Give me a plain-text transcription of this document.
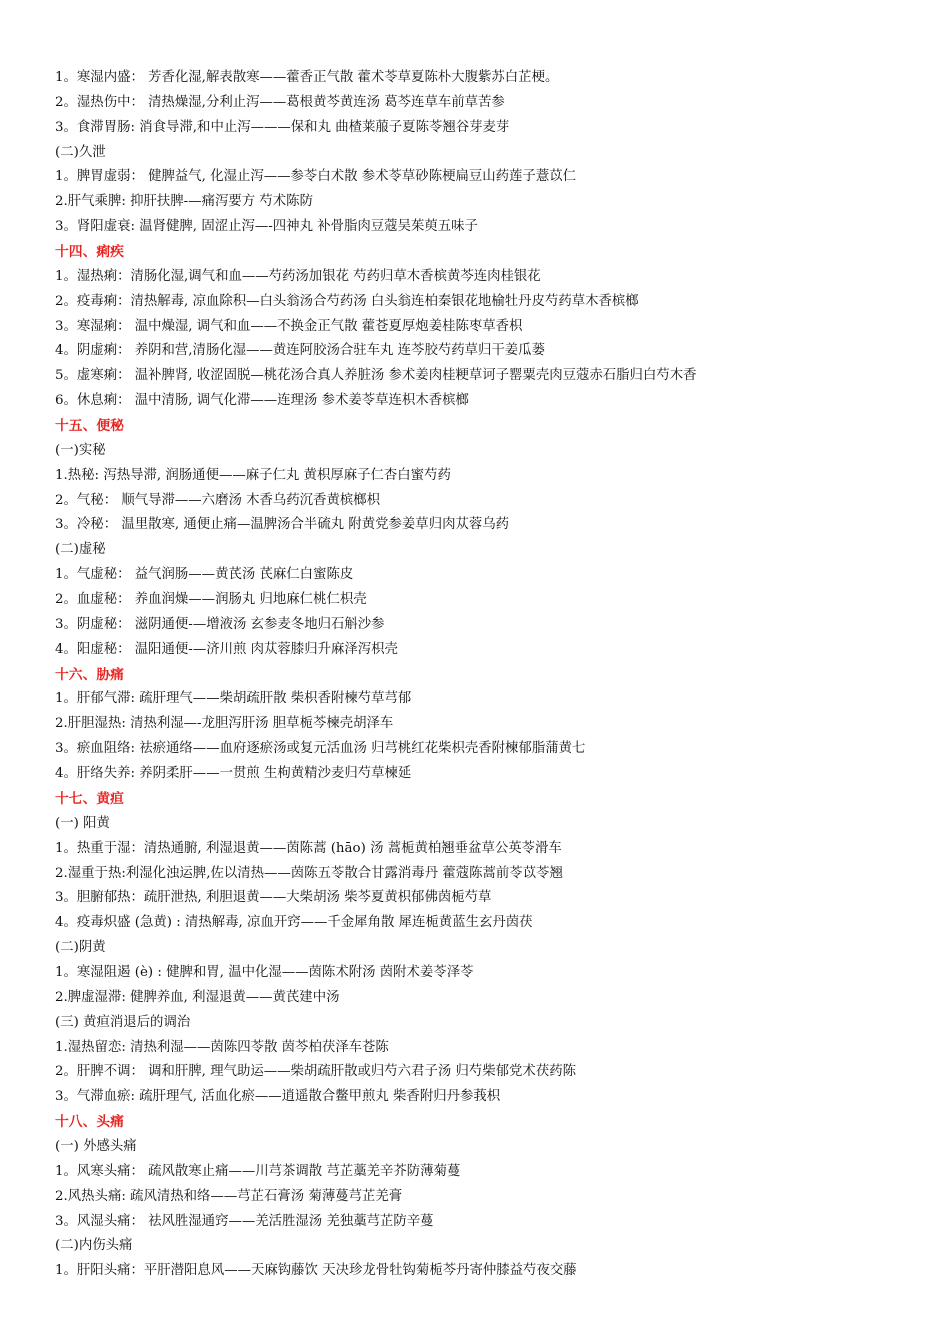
1。寒湿内盛： 芳香化湿,解表散寒——藿香正气散 藿术苓草夏陈朴大腹紫苏白芷梗。
2。湿热伤中： 清热燥湿,分利止泻——葛根黄芩黄连汤 葛芩连草车前草苦参
3。食滞胃肠: 消食导滞,和中止泻———保和丸 曲楂莱菔子夏陈苓翘谷芽麦芽
(二)久泄
1。脾胃虚弱： 健脾益气, 化湿止泻——参苓白术散 参术苓草砂陈梗扁豆山药莲子薏苡仁
2.肝气乘脾: 抑肝扶脾-—痛泻要方 芍术陈防
3。肾阳虚衰: 温肾健脾, 固涩止泻—-四神丸 补骨脂肉豆蔻吴茱萸五味子
十四、痢疾
1。湿热痢：清肠化湿,调气和血——芍药汤加银花 芍药归草木香槟黄芩连肉桂银花
2。疫毒痢：清热解毒, 凉血除积—白头翁汤合芍药汤 白头翁连柏秦银花地榆牡丹皮芍药草木香槟榔
3。寒湿痢： 温中燥湿, 调气和血——不换金正气散 藿苍夏厚炮姜桂陈枣草香枳
4。阴虚痢： 养阴和营,清肠化湿——黄连阿胶汤合驻车丸 连芩胶芍药草归干姜瓜蒌
5。虚寒痢： 温补脾肾, 收涩固脱—桃花汤合真人养脏汤 参术姜肉桂粳草诃子罂粟壳肉豆蔻赤石脂归白芍木香
6。休息痢： 温中清肠, 调气化滞——连理汤 参术姜苓草连枳木香槟榔
十五、便秘
(一)实秘
1.热秘: 泻热导滞, 润肠通便——麻子仁丸 黄枳厚麻子仁杏白蜜芍药
2。气秘： 顺气导滞——六磨汤 木香乌药沉香黄槟榔枳
3。冷秘： 温里散寒, 通便止痛—温脾汤合半硫丸 附黄党参姜草归肉苁蓉乌药
(二)虚秘
1。气虚秘： 益气润肠——黄芪汤 芪麻仁白蜜陈皮
2。血虚秘： 养血润燥——润肠丸 归地麻仁桃仁枳壳
3。阴虚秘： 滋阴通便-—增液汤 玄参麦冬地归石斛沙参
4。阳虚秘： 温阳通便-—济川煎 肉苁蓉膝归升麻泽泻枳壳
十六、胁痛
1。肝郁气滞: 疏肝理气——柴胡疏肝散 柴枳香附楝芍草芎郁
2.肝胆湿热: 清热利湿—-龙胆泻肝汤 胆草栀芩楝壳胡泽车
3。瘀血阻络: 祛瘀通络——血府逐瘀汤或复元活血汤 归芎桃红花柴枳壳香附楝郁脂蒲黄七
4。肝络失养: 养阴柔肝——一贯煎 生枸黄精沙麦归芍草楝延
十七、黄疸
(一) 阳黄
1。热重于湿：清热通腑, 利湿退黄——茵陈蒿 (hāo) 汤 蒿栀黄柏翘垂盆草公英苓滑车
2.湿重于热:利湿化浊运脾,佐以清热——茵陈五苓散合甘露消毒丹 藿蔻陈蒿前苓苡苓翘
3。胆腑郁热：疏肝泄热, 利胆退黄——大柴胡汤 柴芩夏黄枳郁佛茵栀芍草
4。疫毒炽盛 (急黄) : 清热解毒, 凉血开窍——千金犀角散 犀连栀黄蓝生玄丹茵茯
(二)阴黄
1。寒湿阻遏 (è) : 健脾和胃, 温中化湿——茵陈术附汤 茵附术姜苓泽苓
2.脾虚湿滞: 健脾养血, 利湿退黄——黄芪建中汤
(三) 黄疸消退后的调治
1.湿热留恋: 清热利湿——茵陈四苓散 茵芩柏茯泽车苍陈
2。肝脾不调： 调和肝脾, 理气助运——柴胡疏肝散或归芍六君子汤 归芍柴郁党术茯药陈
3。气滞血瘀: 疏肝理气, 活血化瘀——逍遥散合鳖甲煎丸 柴香附归丹参莪枳
十八、头痛
(一) 外感头痛
1。风寒头痛： 疏风散寒止痛——川芎茶调散 芎芷藁羌辛芥防薄菊蔓
2.风热头痛: 疏风清热和络——芎芷石膏汤 菊薄蔓芎芷羌膏
3。风湿头痛： 祛风胜湿通窍——羌活胜湿汤 羌独藁芎芷防辛蔓
(二)内伤头痛
1。肝阳头痛：平肝潜阳息风——天麻钩藤饮 天决珍龙骨牡钩菊栀芩丹寄仲膝益芍夜交藤
